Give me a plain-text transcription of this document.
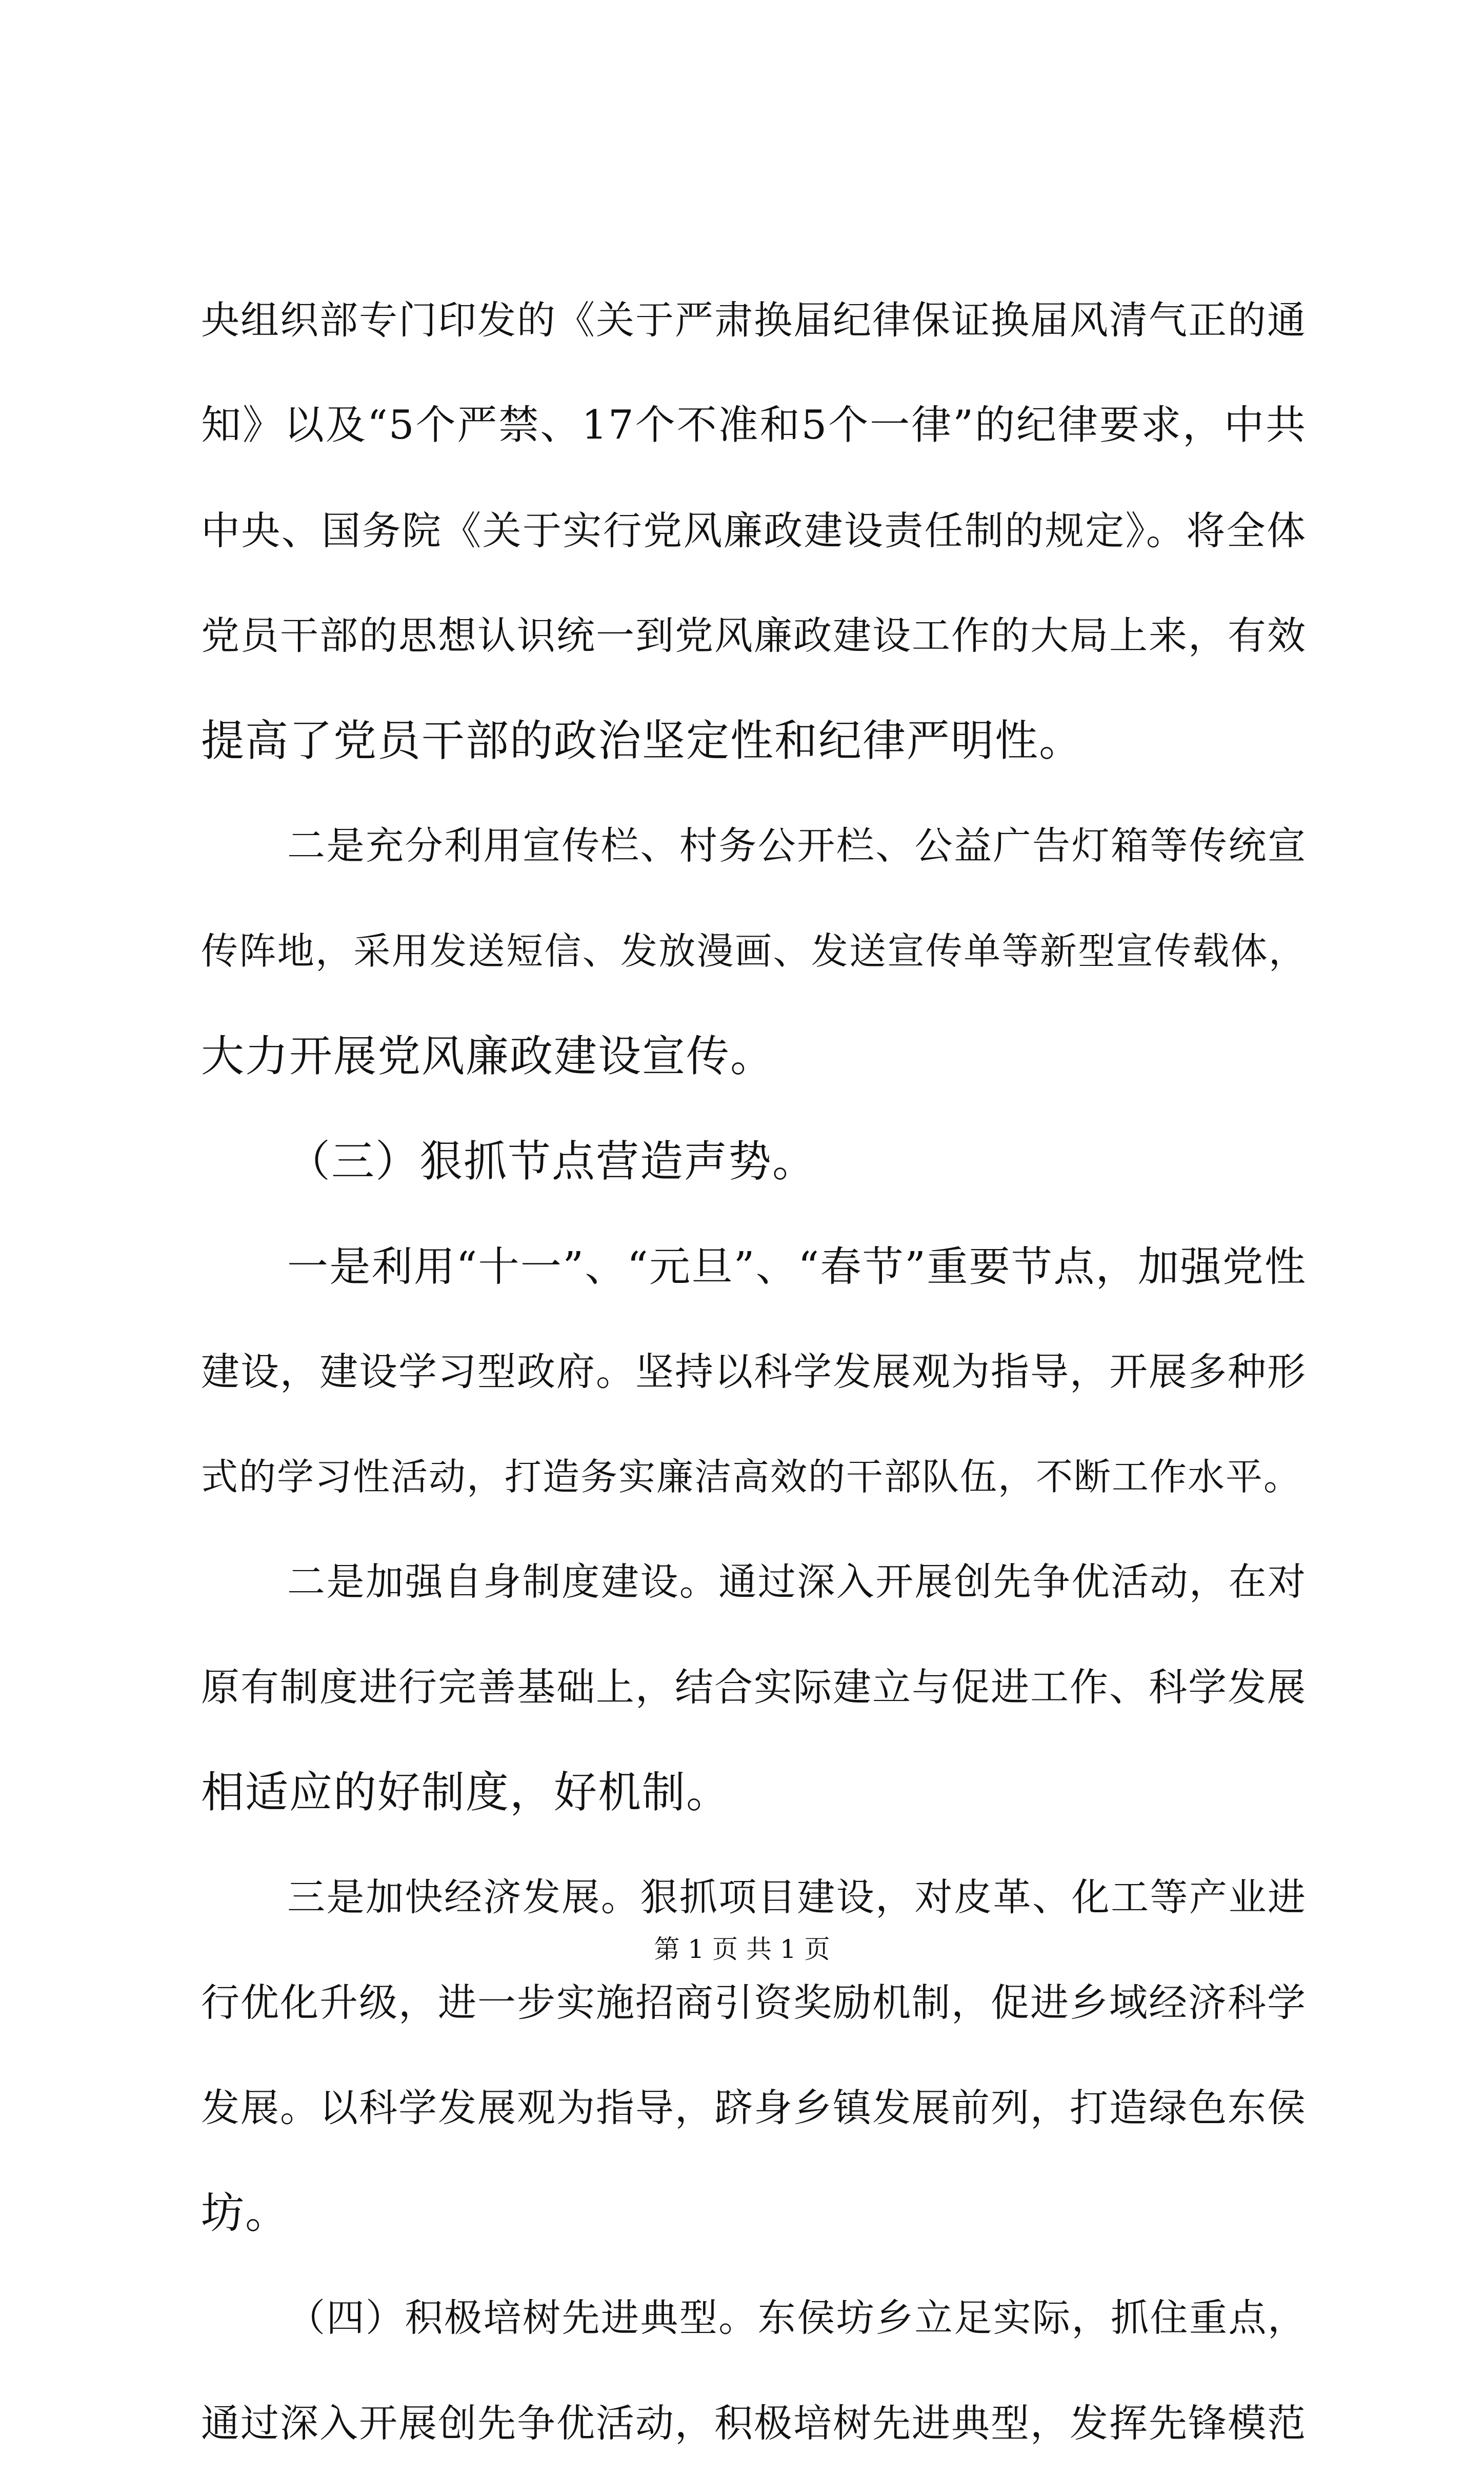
央组织部专门印发的《关于严肃换届纪律保证换届风清气正的通
知》以及“5个严禁、17个不准和5个一律”的纪律要求，中共
中央、国务院《关于实行党风廉政建设责任制的规定》。将全体
党员干部的思想认识统一到党风廉政建设工作的大局上来，有效
提高了党员干部的政治坚定性和纪律严明性。
二是充分利用宣传栏、村务公开栏、公益广告灯箱等传统宣
传阵地，采用发送短信、发放漫画、发送宣传单等新型宣传载体，
大力开展党风廉政建设宣传。
（三）狠抓节点营造声势。
一是利用“十一”、“元旦”、“春节”重要节点，加强党性
建设，建设学习型政府。坚持以科学发展观为指导，开展多种形
式的学习性活动，打造务实廉洁高效的干部队伍，不断工作水平。
二是加强自身制度建设。通过深入开展创先争优活动，在对
原有制度进行完善基础上，结合实际建立与促进工作、科学发展
相适应的好制度，好机制。
三是加快经济发展。狠抓项目建设，对皮革、化工等产业进
行优化升级，进一步实施招商引资奖励机制，促进乡域经济科学
发展。以科学发展观为指导，跻身乡镇发展前列，打造绿色东侯
坊。
（四）积极培树先进典型。东侯坊乡立足实际，抓住重点，
通过深入开展创先争优活动，积极培树先进典型，发挥先锋模范
第 1 页 共 1 页
